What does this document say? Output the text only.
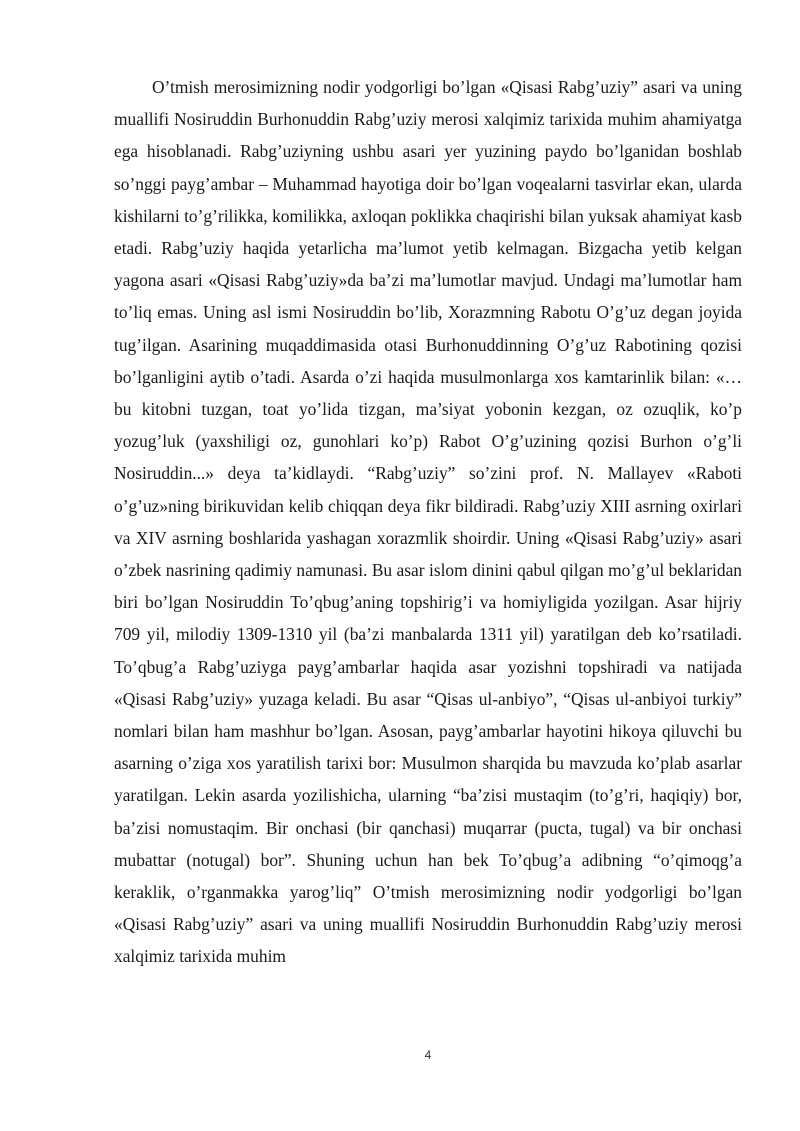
O’tmish merosimizning nodir yodgorligi bo’lgan «Qisasi Rabg’uziy” asari va uning muallifi Nosiruddin Burhonuddin Rabg’uziy merosi xalqimiz tarixida muhim ahamiyatga ega hisoblanadi. Rabg’uziyning ushbu asari yer yuzining paydo bo’lganidan boshlab so’nggi payg’ambar – Muhammad hayotiga doir bo’lgan voqealarni tasvirlar ekan, ularda kishilarni to’g’rilikka, komilikka, axloqan poklikka chaqirishi bilan yuksak ahamiyat kasb etadi. Rabg’uziy haqida yetarlicha ma’lumot yetib kelmagan. Bizgacha yetib kelgan yagona asari «Qisasi Rabg’uziy»da ba’zi ma’lumotlar mavjud. Undagi ma’lumotlar ham to’liq emas. Uning asl ismi Nosiruddin bo’lib, Xorazmning Rabotu O’g’uz degan joyida tug’ilgan. Asarining muqaddimasida otasi Burhonuddinning O’g’uz Rabotining qozisi bo’lganligini aytib o’tadi. Asarda o’zi haqida musulmonlarga xos kamtarinlik bilan: «…bu kitobni tuzgan, toat yo’lida tizgan, ma’siyat yobonin kezgan, oz ozuqlik, ko’p yozug’luk (yaxshiligi oz, gunohlari ko’p) Rabot O’g’uzining qozisi Burhon o’g’li Nosiruddin...» deya ta’kidlaydi. “Rabg’uziy” so’zini prof. N. Mallayev «Raboti o’g’uz»ning birikuvidan kelib chiqqan deya fikr bildiradi. Rabg’uziy XIII asrning oxirlari va XIV asrning boshlarida yashagan xorazmlik shoirdir. Uning «Qisasi Rabg’uziy» asari o’zbek nasrining qadimiy namunasi. Bu asar islom dinini qabul qilgan mo’g’ul beklaridan biri bo’lgan Nosiruddin To’qbug’aning topshirig’i va homiyligida yozilgan. Asar hijriy 709 yil, milodiy 1309-1310 yil (ba’zi manbalarda 1311 yil) yaratilgan deb ko’rsatiladi. To’qbug’a Rabg’uziyga payg’ambarlar haqida asar yozishni topshiradi va natijada «Qisasi Rabg’uziy» yuzaga keladi. Bu asar “Qisas ul-anbiyo”, “Qisas ul-anbiyoi turkiy” nomlari bilan ham mashhur bo’lgan. Asosan, payg’ambarlar hayotini hikoya qiluvchi bu asarning o’ziga xos yaratilish tarixi bor: Musulmon sharqida bu mavzuda ko’plab asarlar yaratilgan. Lekin asarda yozilishicha, ularning “ba’zisi mustaqim (to’g’ri, haqiqiy) bor, ba’zisi nomustaqim. Bir onchasi (bir qanchasi) muqarrar (pucta, tugal) va bir onchasi mubattar (notugal) bor”. Shuning uchun han bek To’qbug’a adibning “o’qimoqg’a keraklik, o’rganmakka yarog’liq” O’tmish merosimizning nodir yodgorligi bo’lgan «Qisasi Rabg’uziy” asari va uning muallifi Nosiruddin Burhonuddin Rabg’uziy merosi xalqimiz tarixida muhim

4
